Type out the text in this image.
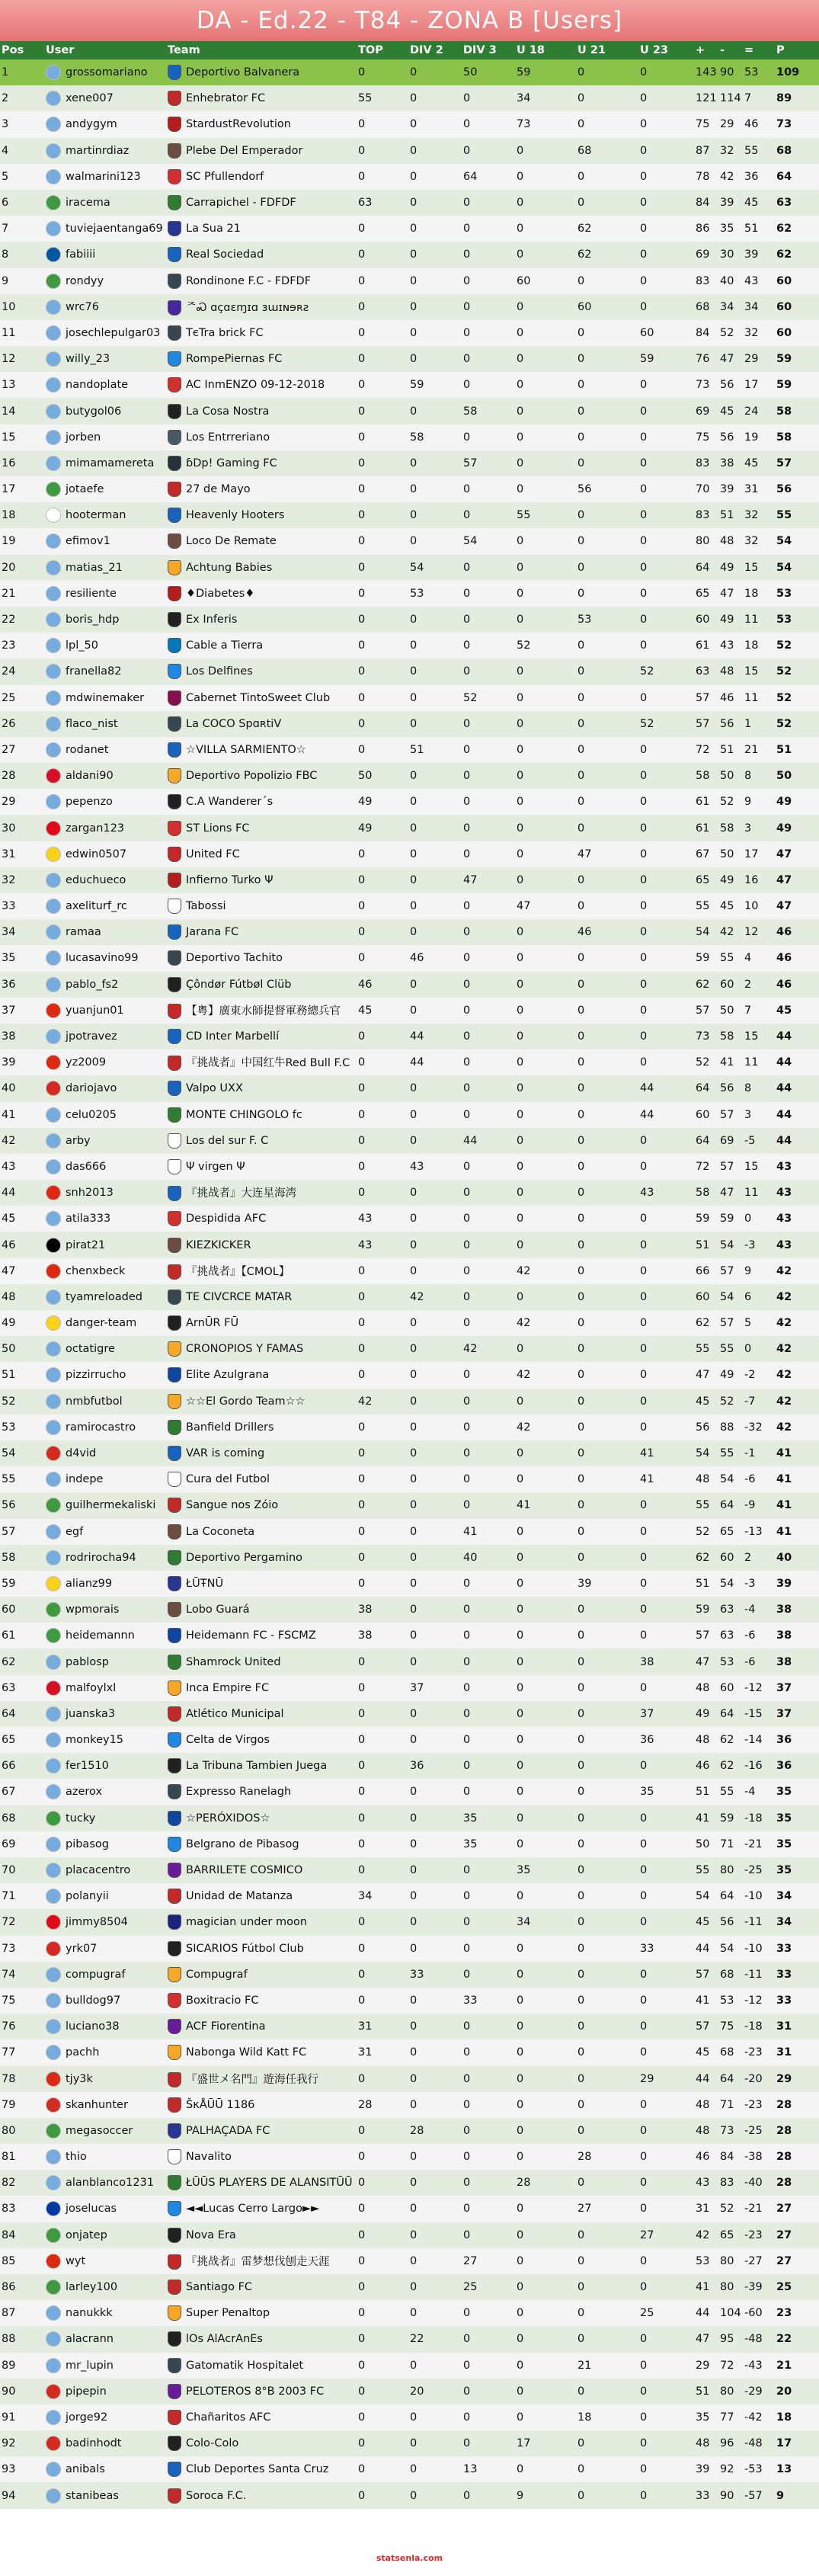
DA - Ed.22 - T84 - ZONA B [Users]
Pos	User	Team	TOP	DIV 2	DIV 3	U 18	U 21	U 23	+	-	=	P
1	grossomariano	Deportivo Balvanera	0	0	50	59	0	0	143	90	53	109
2	xene007	Enhebrator FC	55	0	0	34	0	0	121	114	7	89
3	andygym	StardustRevolution	0	0	0	73	0	0	75	29	46	73
4	martinrdiaz	Plebe Del Emperador	0	0	0	0	68	0	87	32	55	68
5	walmarini123	SC Pfullendorf	0	0	64	0	0	0	78	42	36	64
6	iracema	Carrapichel - FDFDF	63	0	0	0	0	0	84	39	45	63
7	tuviejaentanga69	La Sua 21	0	0	0	0	62	0	86	35	51	62
8	fabiiii	Real Sociedad	0	0	0	0	62	0	69	30	39	62
9	rondyy	Rondinone F.C - FDFDF	0	0	0	60	0	0	83	40	43	60
10	wrc76	ᄌᏍ ɑçɑɛɱɪɑ ɜɯɪɴɘʀƨ	0	0	0	0	60	0	68	34	34	60
11	josechlepulgar03	TєTra brick FC	0	0	0	0	0	60	84	52	32	60
12	willy_23	RompePiernas FC	0	0	0	0	0	59	76	47	29	59
13	nandoplate	AC InmENZO 09-12-2018	0	59	0	0	0	0	73	56	17	59
14	butygol06	La Cosa Nostra	0	0	58	0	0	0	69	45	24	58
15	jorben	Los Entrreriano	0	58	0	0	0	0	75	56	19	58
16	mimamamereta	ɓDp! Gaming FC	0	0	57	0	0	0	83	38	45	57
17	jotaefe	27 de Mayo	0	0	0	0	56	0	70	39	31	56
18	hooterman	Heavenly Hooters	0	0	0	55	0	0	83	51	32	55
19	efimov1	Loco De Remate	0	0	54	0	0	0	80	48	32	54
20	matias_21	Achtung Babies	0	54	0	0	0	0	64	49	15	54
21	resiliente	♦Diabetes♦	0	53	0	0	0	0	65	47	18	53
22	boris_hdp	Ex Inferis	0	0	0	0	53	0	60	49	11	53
23	lpl_50	Cable a Tierra	0	0	0	52	0	0	61	43	18	52
24	franella82	Los Delfines	0	0	0	0	0	52	63	48	15	52
25	mdwinemaker	Cabernet TintoSweet Club	0	0	52	0	0	0	57	46	11	52
26	flaco_nist	La COCO SpɑʀtiV	0	0	0	0	0	52	57	56	1	52
27	rodanet	☆VILLA SARMIENTO☆	0	51	0	0	0	0	72	51	21	51
28	aldani90	Deportivo Popolizio FBC	50	0	0	0	0	0	58	50	8	50
29	pepenzo	C.A Wanderer´s	49	0	0	0	0	0	61	52	9	49
30	zargan123	ST Lions FC	49	0	0	0	0	0	61	58	3	49
31	edwin0507	United FC	0	0	0	0	47	0	67	50	17	47
32	educhueco	Infierno Turko Ψ	0	0	47	0	0	0	65	49	16	47
33	axeliturf_rc	Tabossi	0	0	0	47	0	0	55	45	10	47
34	ramaa	Jarana FC	0	0	0	0	46	0	54	42	12	46
35	lucasavino99	Deportivo Tachito	0	46	0	0	0	0	59	55	4	46
36	pablo_fs2	Çôndør Fútbøl Clüb	46	0	0	0	0	0	62	60	2	46
37	yuanjun01	【粤】廣東水師提督軍務總兵官	45	0	0	0	0	0	57	50	7	45
38	jpotravez	CD Inter Marbellí	0	44	0	0	0	0	73	58	15	44
39	yz2009	『挑战者』中国红牛Red Bull F.C	0	44	0	0	0	0	52	41	11	44
40	dariojavo	Valpo UXX	0	0	0	0	0	44	64	56	8	44
41	celu0205	MONTE CHINGOLO fc	0	0	0	0	0	44	60	57	3	44
42	arby	Los del sur F. C	0	0	44	0	0	0	64	69	-5	44
43	das666	Ψ virgen Ψ	0	43	0	0	0	0	72	57	15	43
44	snh2013	『挑战者』大连星海湾	0	0	0	0	0	43	58	47	11	43
45	atila333	Despidida AFC	43	0	0	0	0	0	59	59	0	43
46	pirat21	KIEZKICKER	43	0	0	0	0	0	51	54	-3	43
47	chenxbeck	『挑战者』【CMOL】	0	0	0	42	0	0	66	57	9	42
48	tyamreloaded	TE CIVCRCE MATAR	0	42	0	0	0	0	60	54	6	42
49	danger-team	ArnŪR FŪ	0	0	0	42	0	0	62	57	5	42
50	octatigre	CRONOPIOS Y FAMAS	0	0	42	0	0	0	55	55	0	42
51	pizzirrucho	Elite Azulgrana	0	0	0	42	0	0	47	49	-2	42
52	nmbfutbol	☆☆El Gordo Team☆☆	42	0	0	0	0	0	45	52	-7	42
53	ramirocastro	Banfield Drillers	0	0	0	42	0	0	56	88	-32	42
54	d4vid	VAR is coming	0	0	0	0	0	41	54	55	-1	41
55	indepe	Cura del Futbol	0	0	0	0	0	41	48	54	-6	41
56	guilhermekaliski	Sangue nos Zóio	0	0	0	41	0	0	55	64	-9	41
57	egf	La Coconeta	0	0	41	0	0	0	52	65	-13	41
58	rodrirocha94	Deportivo Pergamino	0	0	40	0	0	0	62	60	2	40
59	alianz99	ŁŪŦΝŪ	0	0	0	0	39	0	51	54	-3	39
60	wpmorais	Lobo Guará	38	0	0	0	0	0	59	63	-4	38
61	heidemannn	Heidemann FC - FSCMZ	38	0	0	0	0	0	57	63	-6	38
62	pablosp	Shamrock United	0	0	0	0	0	38	47	53	-6	38
63	malfoylxl	Inca Empire FC	0	37	0	0	0	0	48	60	-12	37
64	juanska3	Atlético Municipal	0	0	0	0	0	37	49	64	-15	37
65	monkey15	Celta de Virgos	0	0	0	0	0	36	48	62	-14	36
66	fer1510	La Tribuna Tambien Juega	0	36	0	0	0	0	46	62	-16	36
67	azerox	Expresso Ranelagh	0	0	0	0	0	35	51	55	-4	35
68	tucky	☆PERÓXIDOS☆	0	0	35	0	0	0	41	59	-18	35
69	pibasog	Belgrano de Pibasog	0	0	35	0	0	0	50	71	-21	35
70	placacentro	BARRILETE COSMICO	0	0	0	35	0	0	55	80	-25	35
71	polanyii	Unidad de Matanza	34	0	0	0	0	0	54	64	-10	34
72	jimmy8504	magician under moon	0	0	0	34	0	0	45	56	-11	34
73	yrk07	SICARIOS Fútbol Club	0	0	0	0	0	33	44	54	-10	33
74	compugraf	Compugraf	0	33	0	0	0	0	57	68	-11	33
75	bulldog97	Boxitracio FC	0	0	33	0	0	0	41	53	-12	33
76	luciano38	ACF Fiorentina	31	0	0	0	0	0	57	75	-18	31
77	pachh	Nabonga Wild Katt FC	31	0	0	0	0	0	45	68	-23	31
78	tjy3k	『盛世メ名門』遊海任我行	0	0	0	0	0	29	44	64	-20	29
79	skanhunter	ŠκÅŪŪ 1186	28	0	0	0	0	0	48	71	-23	28
80	megasoccer	PALHAÇADA FC	0	28	0	0	0	0	48	73	-25	28
81	thio	Navalito	0	0	0	0	28	0	46	84	-38	28
82	alanblanco1231	ŁŪŪS PLAYERS DE ALANSITŪŪ	0	0	0	28	0	0	43	83	-40	28
83	joselucas	◄◄Lucas Cerro Largo►►	0	0	0	0	27	0	31	52	-21	27
84	onjatep	Nova Era	0	0	0	0	0	27	42	65	-23	27
85	wyt	『挑战者』雷梦想伐刨走天涯	0	0	27	0	0	0	53	80	-27	27
86	larley100	Santiago FC	0	0	25	0	0	0	41	80	-39	25
87	nanukkk	Super Penaltop	0	0	0	0	0	25	44	104	-60	23
88	alacrann	lOs AlAcrAnEs	0	22	0	0	0	0	47	95	-48	22
89	mr_lupin	Gatomatik Hospitalet	0	0	0	0	21	0	29	72	-43	21
90	pipepin	PELOTEROS 8°B 2003 FC	0	20	0	0	0	0	51	80	-29	20
91	jorge92	Chañaritos AFC	0	0	0	0	18	0	35	77	-42	18
92	badinhodt	Colo-Colo	0	0	0	17	0	0	48	96	-48	17
93	anibals	Club Deportes Santa Cruz	0	0	13	0	0	0	39	92	-53	13
94	stanibeas	Soroca F.C.	0	0	0	9	0	0	33	90	-57	9
statsenla.com
